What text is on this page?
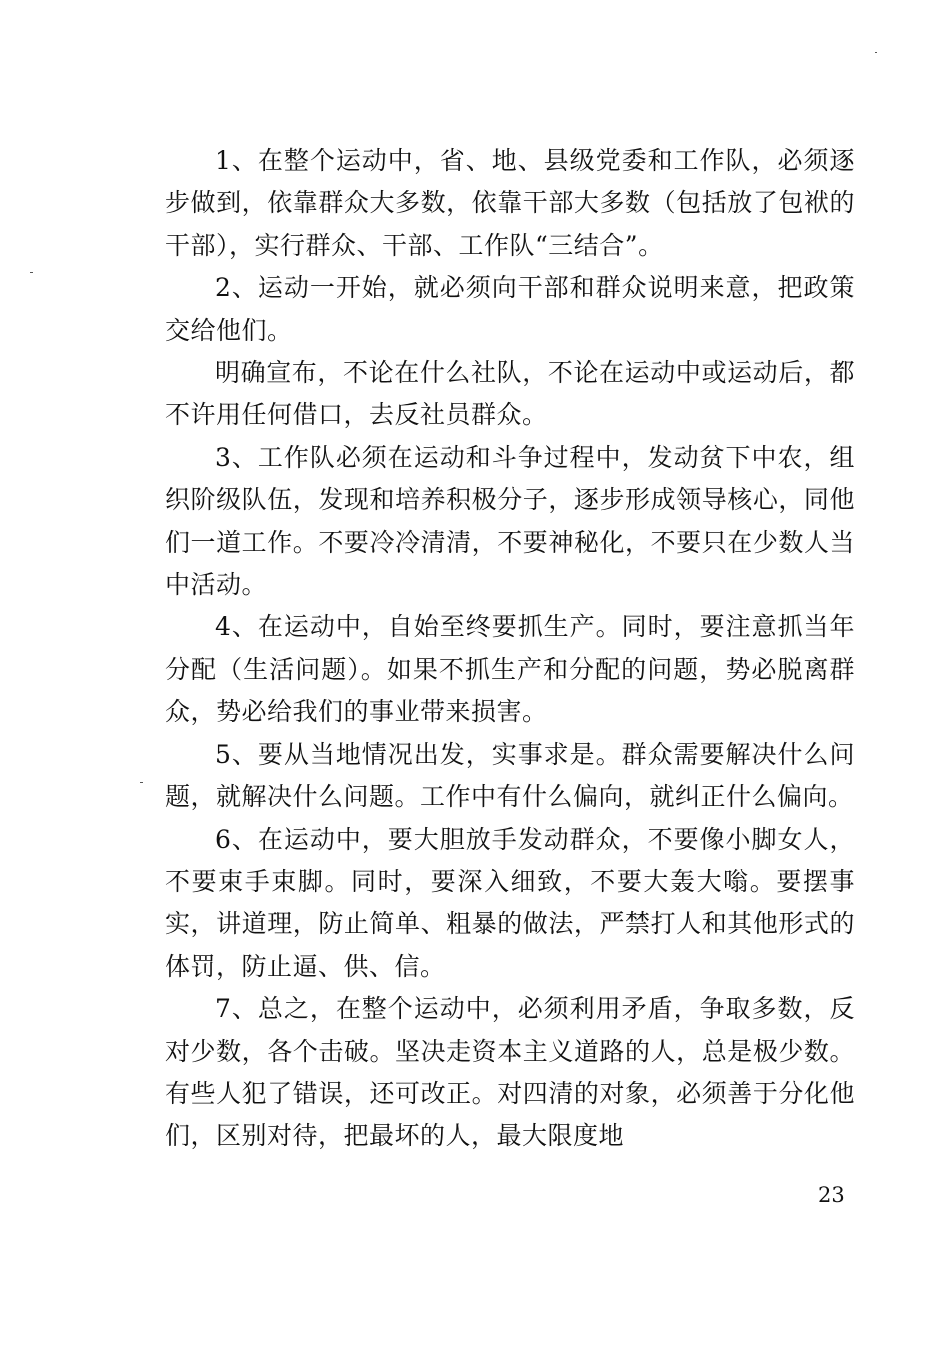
1、在整个运动中，省、地、县级党委和工作队，必须逐步做到，依靠群众大多数，依靠干部大多数（包括放了包袱的干部），实行群众、干部、工作队“三结合”。

2、运动一开始，就必须向干部和群众说明来意，把政策交给他们。

明确宣布，不论在什么社队，不论在运动中或运动后，都不许用任何借口，去反社员群众。

3、工作队必须在运动和斗争过程中，发动贫下中农，组织阶级队伍，发现和培养积极分子，逐步形成领导核心，同他们一道工作。不要冷冷清清，不要神秘化，不要只在少数人当中活动。

4、在运动中，自始至终要抓生产。同时，要注意抓当年分配（生活问题）。如果不抓生产和分配的问题，势必脱离群众，势必给我们的事业带来损害。

5、要从当地情况出发，实事求是。群众需要解决什么问题，就解决什么问题。工作中有什么偏向，就纠正什么偏向。

6、在运动中，要大胆放手发动群众，不要像小脚女人，不要束手束脚。同时，要深入细致，不要大轰大嗡。要摆事实，讲道理，防止简单、粗暴的做法，严禁打人和其他形式的体罚，防止逼、供、信。

7、总之，在整个运动中，必须利用矛盾，争取多数，反对少数，各个击破。坚决走资本主义道路的人，总是极少数。有些人犯了错误，还可改正。对四清的对象，必须善于分化他们，区别对待，把最坏的人，最大限度地

23
